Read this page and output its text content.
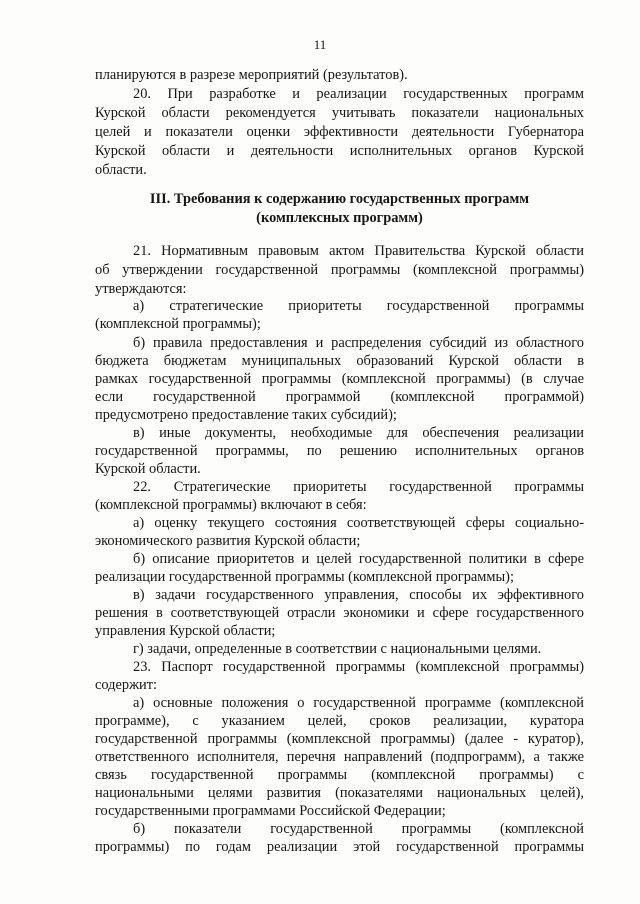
11
планируются в разрезе мероприятий (результатов).
20. При разработке и реализации государственных программ
Курской области рекомендуется учитывать показатели национальных
целей и показатели оценки эффективности деятельности Губернатора
Курской области и деятельности исполнительных органов Курской
области.
III. Требования к содержанию государственных программ
(комплексных программ)
21. Нормативным правовым актом Правительства Курской области
об утверждении государственной программы (комплексной программы)
утверждаются:
а) стратегические приоритеты государственной программы
(комплексной программы);
б) правила предоставления и распределения субсидий из областного
бюджета бюджетам муниципальных образований Курской области в
рамках государственной программы (комплексной программы) (в случае
если государственной программой (комплексной программой)
предусмотрено предоставление таких субсидий);
в) иные документы, необходимые для обеспечения реализации
государственной программы, по решению исполнительных органов
Курской области.
22. Стратегические приоритеты государственной программы
(комплексной программы) включают в себя:
а) оценку текущего состояния соответствующей сферы социально-
экономического развития Курской области;
б) описание приоритетов и целей государственной политики в сфере
реализации государственной программы (комплексной программы);
в) задачи государственного управления, способы их эффективного
решения в соответствующей отрасли экономики и сфере государственного
управления Курской области;
г) задачи, определенные в соответствии с национальными целями.
23. Паспорт государственной программы (комплексной программы)
содержит:
а) основные положения о государственной программе (комплексной
программе), с указанием целей, сроков реализации, куратора
государственной программы (комплексной программы) (далее - куратор),
ответственного исполнителя, перечня направлений (подпрограмм), а также
связь государственной программы (комплексной программы) с
национальными целями развития (показателями национальных целей),
государственными программами Российской Федерации;
б) показатели государственной программы (комплексной
программы) по годам реализации этой государственной программы
